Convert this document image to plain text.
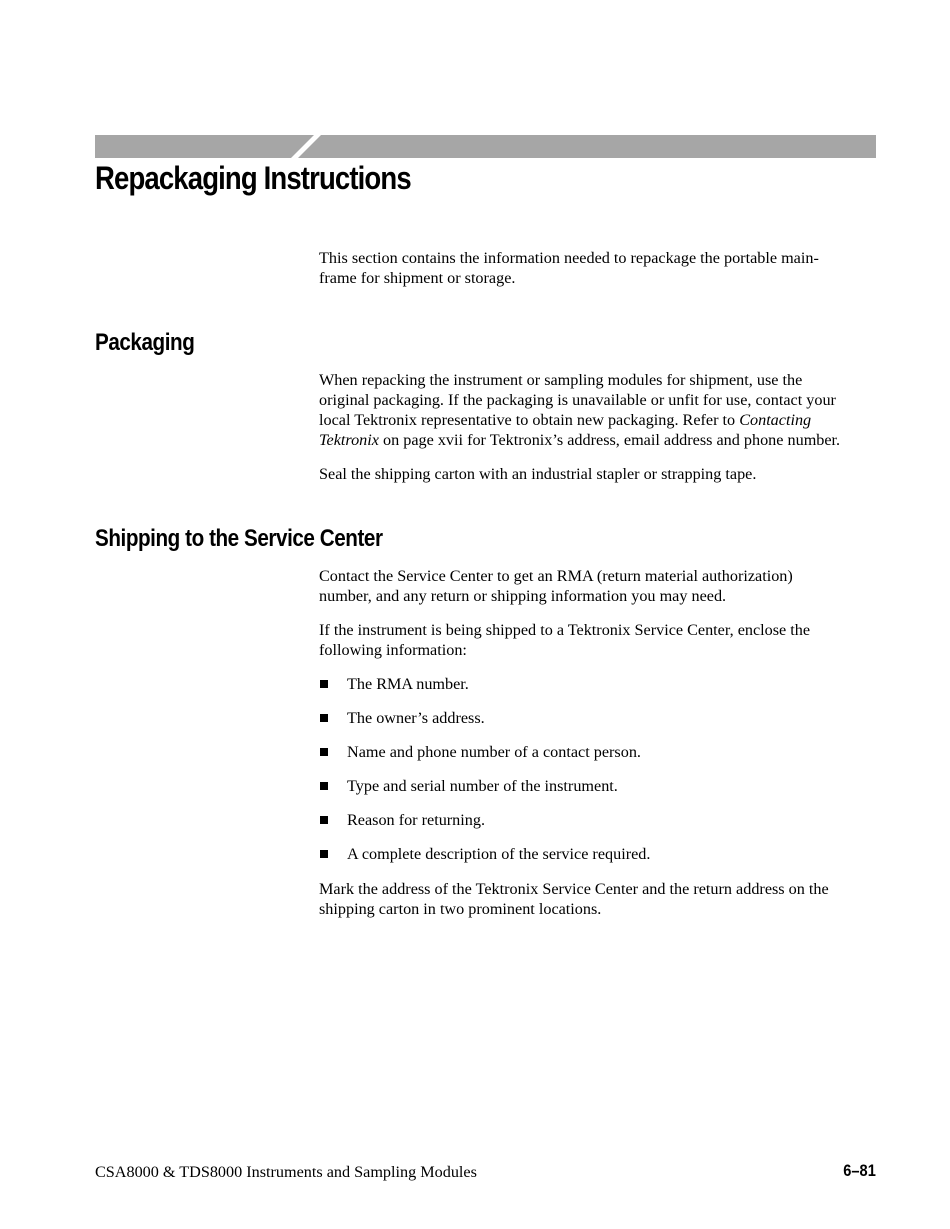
Repackaging Instructions
This section contains the information needed to repackage the portable main-
frame for shipment or storage.
Packaging
When repacking the instrument or sampling modules for shipment, use the
original packaging. If the packaging is unavailable or unfit for use, contact your
local Tektronix representative to obtain new packaging. Refer to Contacting
Tektronix on page xvii for Tektronix’s address, email address and phone number.
Seal the shipping carton with an industrial stapler or strapping tape.
Shipping to the Service Center
Contact the Service Center to get an RMA (return material authorization)
number, and any return or shipping information you may need.
If the instrument is being shipped to a Tektronix Service Center, enclose the
following information:
The RMA number.
The owner’s address.
Name and phone number of a contact person.
Type and serial number of the instrument.
Reason for returning.
A complete description of the service required.
Mark the address of the Tektronix Service Center and the return address on the
shipping carton in two prominent locations.
CSA8000 & TDS8000 Instruments and Sampling Modules	6–81
